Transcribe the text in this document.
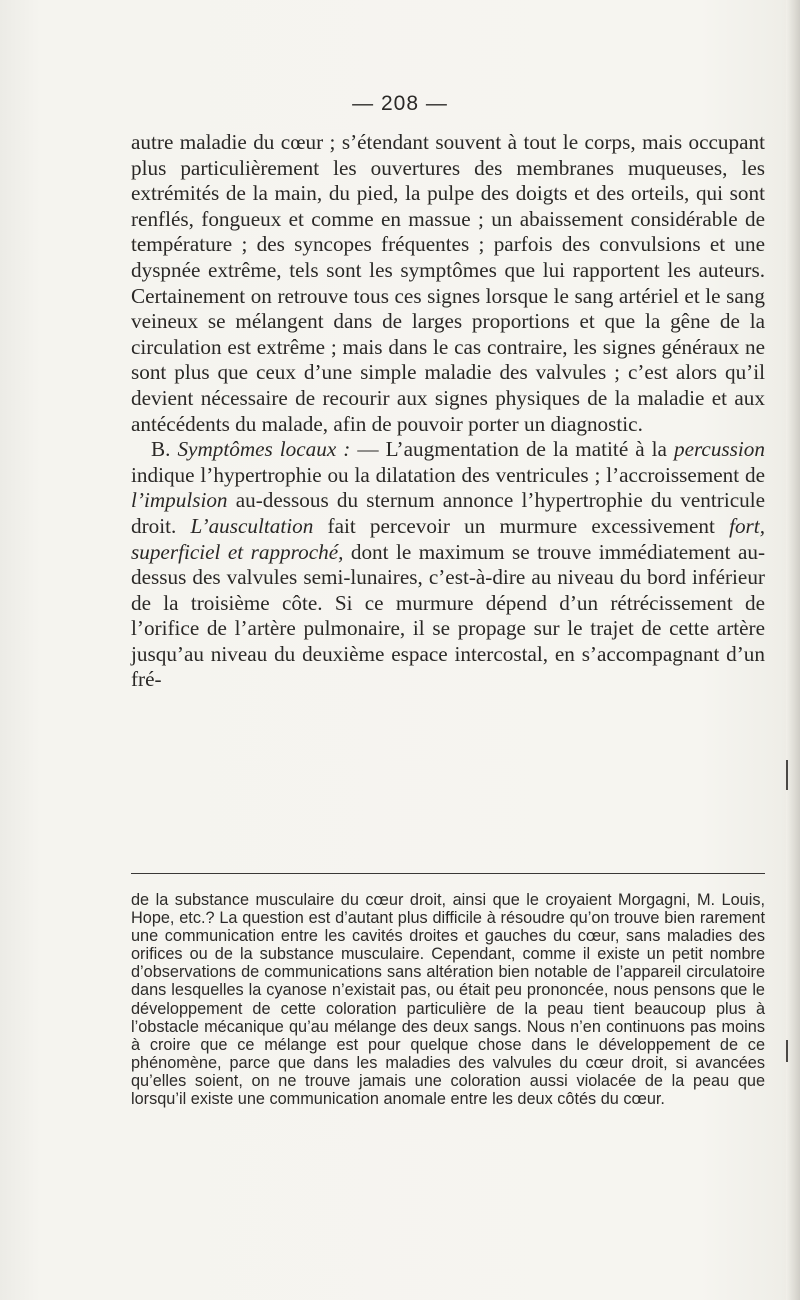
— 208 —

autre maladie du cœur ; s’étendant souvent à tout le corps, mais occupant plus particulièrement les ouvertures des membranes muqueuses, les extrémités de la main, du pied, la pulpe des doigts et des orteils, qui sont renflés, fongueux et comme en massue ; un abaissement considérable de température ; des syncopes fréquentes ; parfois des convulsions et une dyspnée extrême, tels sont les symptômes que lui rapportent les auteurs. Certainement on retrouve tous ces signes lorsque le sang artériel et le sang veineux se mélangent dans de larges proportions et que la gêne de la circulation est extrême ; mais dans le cas contraire, les signes généraux ne sont plus que ceux d’une simple maladie des valvules ; c’est alors qu’il devient nécessaire de recourir aux signes physiques de la maladie et aux antécédents du malade, afin de pouvoir porter un diagnostic.

B. Symptômes locaux : — L’augmentation de la matité à la percussion indique l’hypertrophie ou la dilatation des ventricules ; l’accroissement de l’impulsion au-dessous du sternum annonce l’hypertrophie du ventricule droit. L’auscultation fait percevoir un murmure excessivement fort, superficiel et rapproché, dont le maximum se trouve immédiatement au-dessus des valvules semi-lunaires, c’est-à-dire au niveau du bord inférieur de la troisième côte. Si ce murmure dépend d’un rétrécissement de l’orifice de l’artère pulmonaire, il se propage sur le trajet de cette artère jusqu’au niveau du deuxième espace intercostal, en s’accompagnant d’un fré-

de la substance musculaire du cœur droit, ainsi que le croyaient Morgagni, M. Louis, Hope, etc.? La question est d’autant plus difficile à résoudre qu’on trouve bien rarement une communication entre les cavités droites et gauches du cœur, sans maladies des orifices ou de la substance musculaire. Cependant, comme il existe un petit nombre d’observations de communications sans altération bien notable de l’appareil circulatoire dans lesquelles la cyanose n’existait pas, ou était peu prononcée, nous pensons que le développement de cette coloration particulière de la peau tient beaucoup plus à l’obstacle mécanique qu’au mélange des deux sangs. Nous n’en continuons pas moins à croire que ce mélange est pour quelque chose dans le développement de ce phénomène, parce que dans les maladies des valvules du cœur droit, si avancées qu’elles soient, on ne trouve jamais une coloration aussi violacée de la peau que lorsqu’il existe une communication anomale entre les deux côtés du cœur.
